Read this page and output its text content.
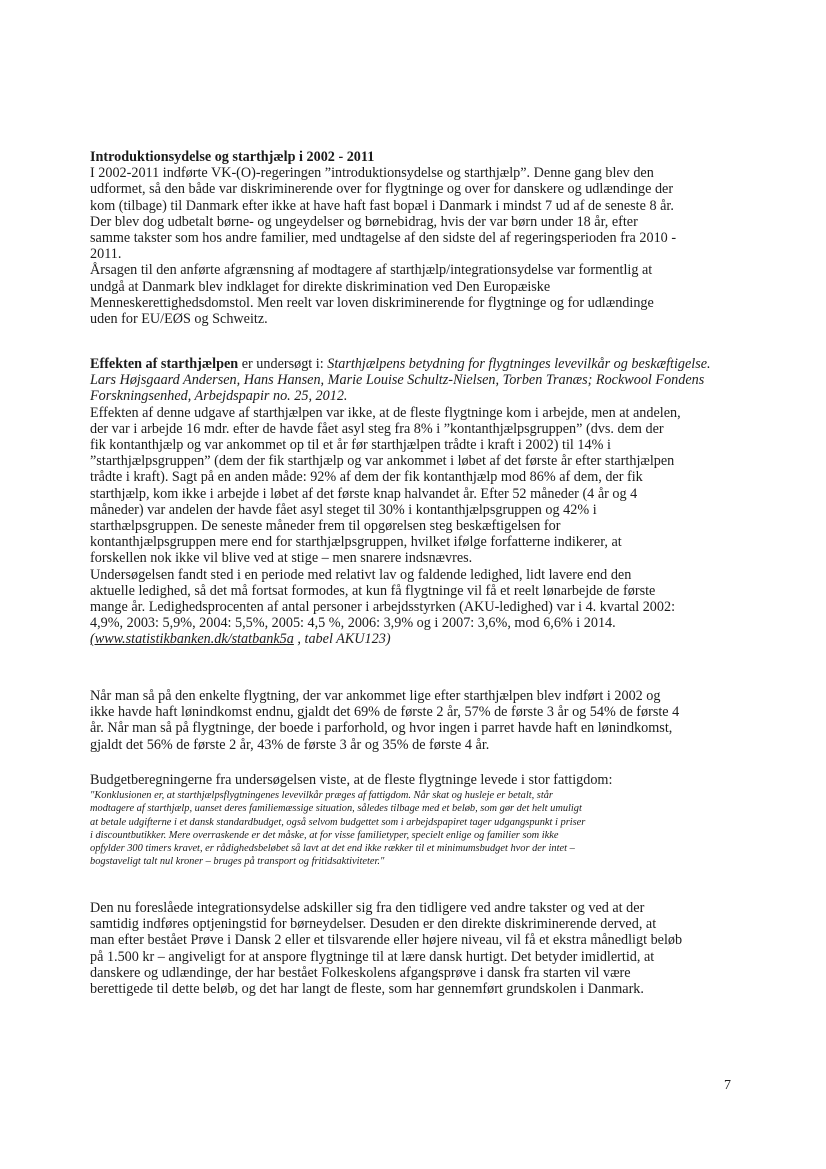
Introduktionsydelse og starthjælp i 2002 - 2011
I 2002-2011 indførte VK-(O)-regeringen ”introduktionsydelse og starthjælp”. Denne gang blev den
udformet, så den både var diskriminerende over for flygtninge og over for danskere og udlændinge der
kom (tilbage) til Danmark efter ikke at have haft fast bopæl i Danmark i mindst 7 ud af de seneste 8 år.
Der blev dog udbetalt børne- og ungeydelser og børnebidrag, hvis der var børn under 18 år, efter
samme takster som hos andre familier, med undtagelse af den sidste del af regeringsperioden fra 2010 -
2011.
Årsagen til den anførte afgrænsning af modtagere af starthjælp/integrationsydelse var formentlig at
undgå at Danmark blev indklaget for direkte diskrimination ved Den Europæiske
Menneskerettighedsdomstol. Men reelt var loven diskriminerende for flygtninge og for udlændinge
uden for EU/EØS og Schweitz.
Effekten af starthjælpen er undersøgt i: Starthjælpens betydning for flygtninges levevilkår og beskæftigelse.
Lars Højsgaard Andersen, Hans Hansen, Marie Louise Schultz-Nielsen, Torben Tranæs; Rockwool Fondens
Forskningsenhed, Arbejdspapir no. 25, 2012.
Effekten af denne udgave af starthjælpen var ikke, at de fleste flygtninge kom i arbejde, men at andelen,
der var i arbejde 16 mdr. efter de havde fået asyl steg fra 8% i ”kontanthjælpsgruppen” (dvs. dem der
fik kontanthjælp og var ankommet op til et år før starthjælpen trådte i kraft i 2002) til 14% i
”starthjælpsgruppen” (dem der fik starthjælp og var ankommet i løbet af det første år efter starthjælpen
trådte i kraft). Sagt på en anden måde: 92% af dem der fik kontanthjælp mod 86% af dem, der fik
starthjælp, kom ikke i arbejde i løbet af det første knap halvandet år. Efter 52 måneder (4 år og 4
måneder) var andelen der havde fået asyl steget til 30% i kontanthjælpsgruppen og 42% i
starthælpsgruppen. De seneste måneder frem til opgørelsen steg beskæftigelsen for
kontanthjælpsgruppen mere end for starthjælpsgruppen, hvilket ifølge forfatterne indikerer, at
forskellen nok ikke vil blive ved at stige – men snarere indsnævres.
Undersøgelsen fandt sted i en periode med relativt lav og faldende ledighed, lidt lavere end den
aktuelle ledighed, så det må fortsat formodes, at kun få flygtninge vil få et reelt lønarbejde de første
mange år. Ledighedsprocenten af antal personer i arbejdsstyrken (AKU-ledighed) var i 4. kvartal 2002:
4,9%, 2003: 5,9%, 2004: 5,5%, 2005: 4,5 %, 2006: 3,9% og i 2007: 3,6%, mod 6,6% i 2014.
(www.statistikbanken.dk/statbank5a , tabel AKU123)
Når man så på den enkelte flygtning, der var ankommet lige efter starthjælpen blev indført i 2002 og
ikke havde haft lønindkomst endnu, gjaldt det 69% de første 2 år, 57% de første 3 år og 54% de første 4
år. Når man så på flygtninge, der boede i parforhold, og hvor ingen i parret havde haft en lønindkomst,
gjaldt det 56% de første 2 år, 43% de første 3 år og 35% de første 4 år.
Budgetberegningerne fra undersøgelsen viste, at de fleste flygtninge levede i stor fattigdom:
"Konklusionen er, at starthjælpsflygtningenes levevilkår præges af fattigdom. Når skat og husleje er betalt, står
modtagere af starthjælp, uanset deres familiemæssige situation, således tilbage med et beløb, som gør det helt umuligt
at betale udgifterne i et dansk standardbudget, også selvom budgettet som i arbejdspapiret tager udgangspunkt i priser
i discountbutikker. Mere overraskende er det måske, at for visse familietyper, specielt enlige og familier som ikke
opfylder 300 timers kravet, er rådighedsbeløbet så lavt at det end ikke rækker til et minimumsbudget hvor der intet –
bogstaveligt talt nul kroner – bruges på transport og fritidsaktiviteter."
Den nu foreslåede integrationsydelse adskiller sig fra den tidligere ved andre takster og ved at der
samtidig indføres optjeningstid for børneydelser. Desuden er den direkte diskriminerende derved, at
man efter bestået Prøve i Dansk 2 eller et tilsvarende eller højere niveau, vil få et ekstra månedligt beløb
på 1.500 kr – angiveligt for at anspore flygtninge til at lære dansk hurtigt. Det betyder imidlertid, at
danskere og udlændinge, der har bestået Folkeskolens afgangsprøve i dansk fra starten vil være
berettigede til dette beløb, og det har langt de fleste, som har gennemført grundskolen i Danmark.
7
